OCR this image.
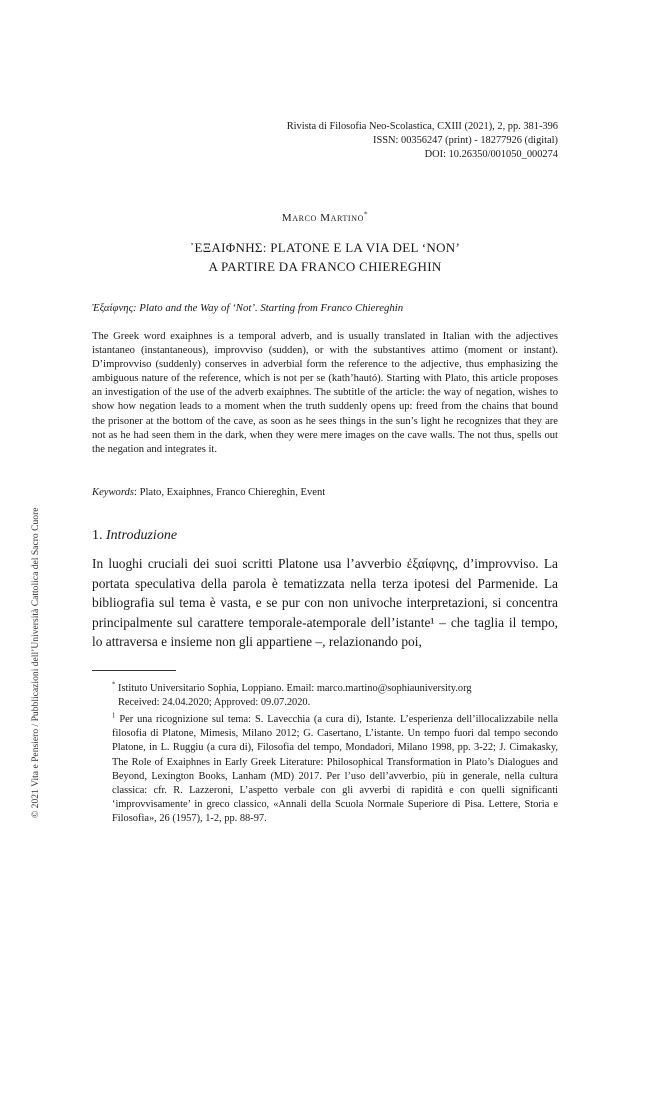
Rivista di Filosofia Neo-Scolastica, CXIII (2021), 2, pp. 381-396
ISSN: 00356247 (print) - 18277926 (digital)
DOI: 10.26350/001050_000274
Marco Martino*
᾿ΕΞΑΙΦΝΗΣ: PLATONE E LA VIA DEL ‘NON’
A PARTIRE DA FRANCO CHIEREGHIN
Ἐξαίφνης: Plato and the Way of ‘Not’. Starting from Franco Chiereghin

The Greek word exaiphnes is a temporal adverb, and is usually translated in Italian with the adjectives istantaneo (instantaneous), improvviso (sudden), or with the substantives attimo (moment or instant). D’improvviso (suddenly) conserves in adverbial form the reference to the adjective, thus emphasizing the ambiguous nature of the reference, which is not per se (kath’hautó). Starting with Plato, this article proposes an investigation of the use of the adverb exaiphnes. The subtitle of the article: the way of negation, wishes to show how negation leads to a moment when the truth suddenly opens up: freed from the chains that bound the prisoner at the bottom of the cave, as soon as he sees things in the sun’s light he recognizes that they are not as he had seen them in the dark, when they were mere images on the cave walls. The not thus, spells out the negation and integrates it.

Keywords: Plato, Exaiphnes, Franco Chiereghin, Event
1. Introduzione

In luoghi cruciali dei suoi scritti Platone usa l’avverbio ἐξαίφνης, d’improvviso. La portata speculativa della parola è tematizzata nella terza ipotesi del Parmenide. La bibliografia sul tema è vasta, e se pur con non univoche interpretazioni, si concentra principalmente sul carattere temporale-atemporale dell’istante¹ – che taglia il tempo, lo attraversa e insieme non gli appartiene –, relazionando poi,

* Istituto Universitario Sophia, Loppiano. Email: marco.martino@sophiauniversity.org

Received: 24.04.2020; Approved: 09.07.2020.

$^1$ Per una ricognizione sul tema: S. Lavecchia (a cura di), Istante. L’esperienza dell’illocalizzabile nella filosofia di Platone, Mimesis, Milano 2012; G. Casertano, L’istante. Un tempo fuori dal tempo secondo Platone, in L. Ruggiu (a cura di), Filosofia del tempo, Mondadori, Milano 1998, pp. 3-22; J. Cimakasky, The Role of Exaiphnes in Early Greek Literature: Philosophical Transformation in Plato’s Dialogues and Beyond, Lexington Books, Lanham (MD) 2017. Per l’uso dell’avverbio, più in generale, nella cultura classica: cfr. R. Lazzeroni, L’aspetto verbale con gli avverbi di rapidità e con quelli significanti ‘improvvisamente’ in greco classico, «Annali della Scuola Normale Superiore di Pisa. Lettere, Storia e Filosofia», 26 (1957), 1-2, pp. 88-97.

© 2021 Vita e Pensiero / Pubblicazioni dell’Università Cattolica del Sacro Cuore
